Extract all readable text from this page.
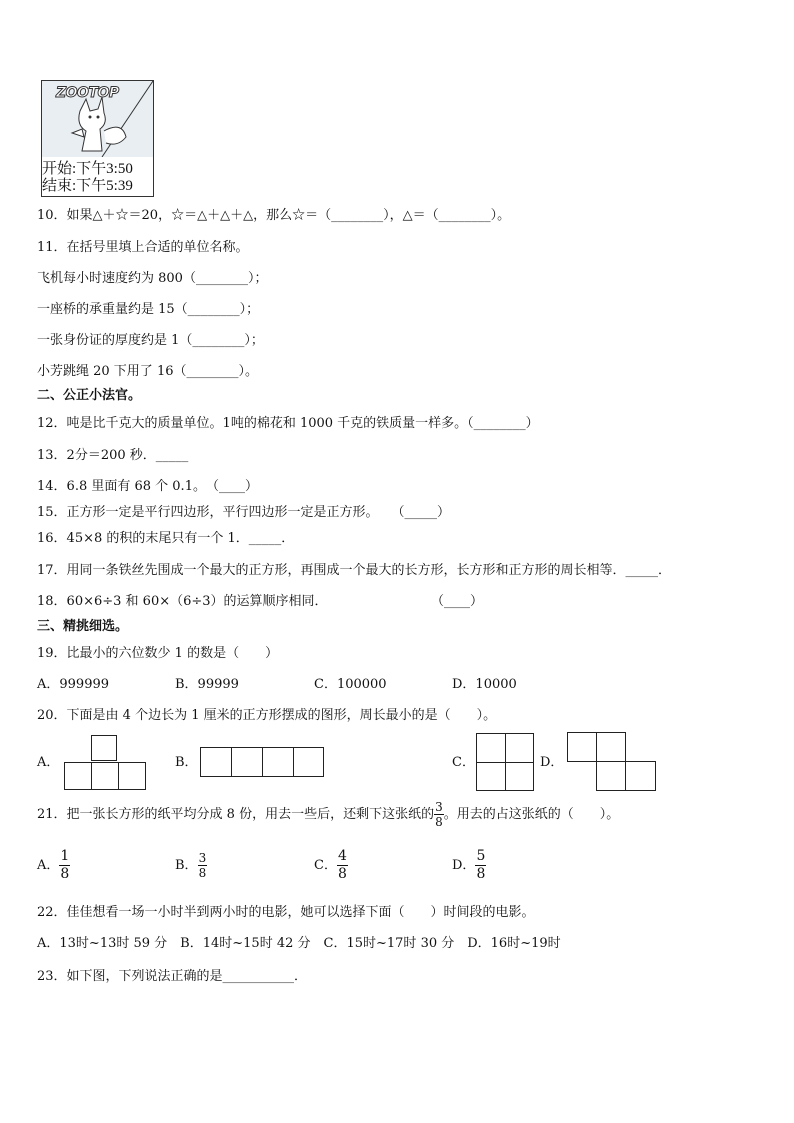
ZOOTOP
开始:下午3:50
结束:下午5:39
10．如果△＋☆＝20，☆＝△＋△＋△，那么☆＝（________），△＝（________）。
11．在括号里填上合适的单位名称。
飞机每小时速度约为 800（________）；
一座桥的承重量约是 15（________）；
一张身份证的厚度约是 1（________）；
小芳跳绳 20 下用了 16（________）。
二、公正小法官。
12．吨是比千克大的质量单位。1吨的棉花和 1000 千克的铁质量一样多。（________）
13．2分＝200 秒．_____
14．6.8 里面有 68 个 0.1。　（____）
15．正方形一定是平行四边形，平行四边形一定是正方形。　　（_____）
16．45×8 的积的末尾只有一个 1．_____．
17．用同一条铁丝先围成一个最大的正方形，再围成一个最大的长方形，长方形和正方形的周长相等．_____．
18．60×6÷3 和 60×（6÷3）的运算顺序相同．	（____）
三、精挑细选。
19．比最小的六位数少 1 的数是（　　）
A．999999	B．99999	C．100000	D．10000
20．下面是由 4 个边长为 1 厘米的正方形摆成的图形，周长最小的是（　　）。
A．	B．	C．	D．
21．把一张长方形的纸平均分成 8 份，用去一些后，还剩下这张纸的 $\frac{3}{8}$ 。用去的占这张纸的（　　）。
A． $\frac{1}{8}$	B． $\frac{3}{8}$	C． $\frac{4}{8}$	D． $\frac{5}{8}$
22．佳佳想看一场一小时半到两小时的电影，她可以选择下面（　　）时间段的电影。
A．13时~13时 59 分　B．14时~15时 42 分　C．15时~17时 30 分　D．16时~19时
23．如下图，下列说法正确的是___________．
